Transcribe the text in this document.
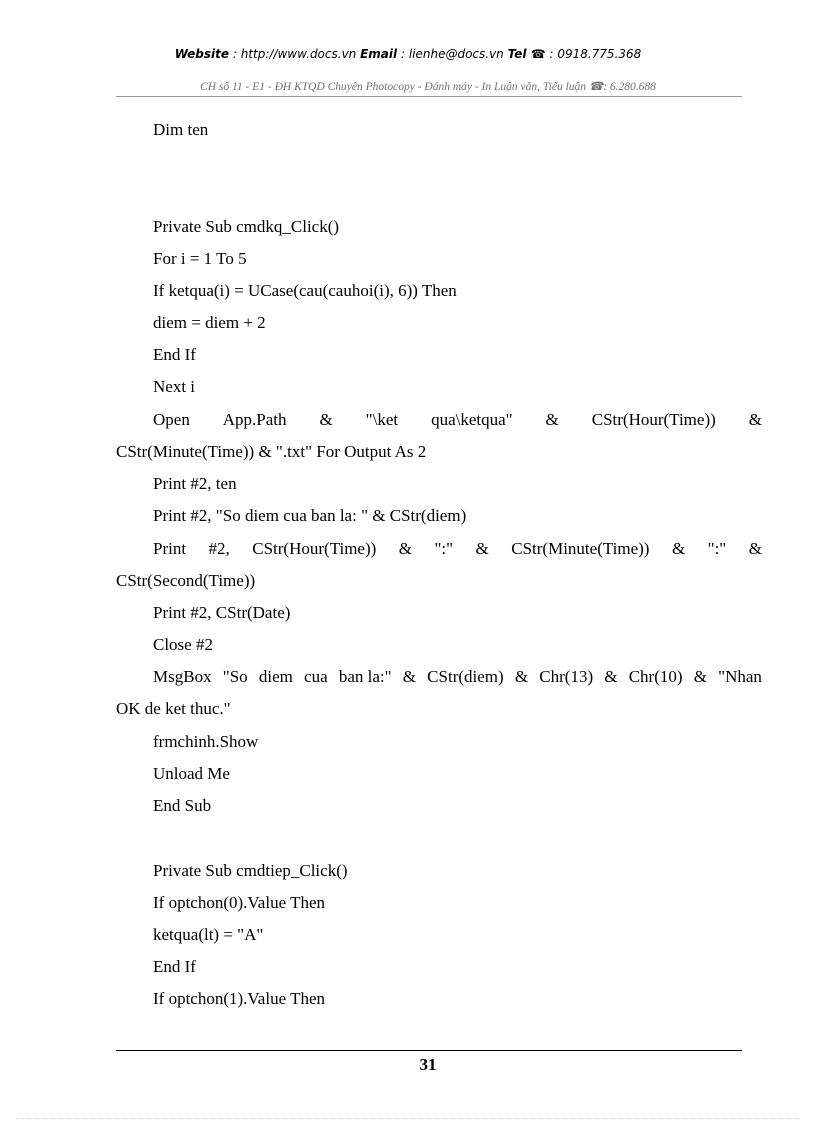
Website : http://www.docs.vn Email : lienhe@docs.vn Tel ☎ : 0918.775.368
CH số 11 - E1 - ĐH KTQD Chuyên Photocopy - Đánh máy - In Luận văn, Tiểu luận ☎: 6.280.688
Dim ten
Private Sub cmdkq_Click()
For i = 1 To 5
If ketqua(i) = UCase(cau(cauhoi(i), 6)) Then
diem = diem + 2
End If
Next i
Open App.Path & "\ket qua\ketqua" & CStr(Hour(Time)) &
CStr(Minute(Time)) & ".txt" For Output As 2
Print #2, ten
Print #2, "So diem cua ban la: " & CStr(diem)
Print #2, CStr(Hour(Time)) & ":" & CStr(Minute(Time)) & ":" &
CStr(Second(Time))
Print #2, CStr(Date)
Close #2
MsgBox "So diem cua ban la:" & CStr(diem) & Chr(13) & Chr(10) & "Nhan
OK de ket thuc."
frmchinh.Show
Unload Me
End Sub
Private Sub cmdtiep_Click()
If optchon(0).Value Then
ketqua(lt) = "A"
End If
If optchon(1).Value Then
31
